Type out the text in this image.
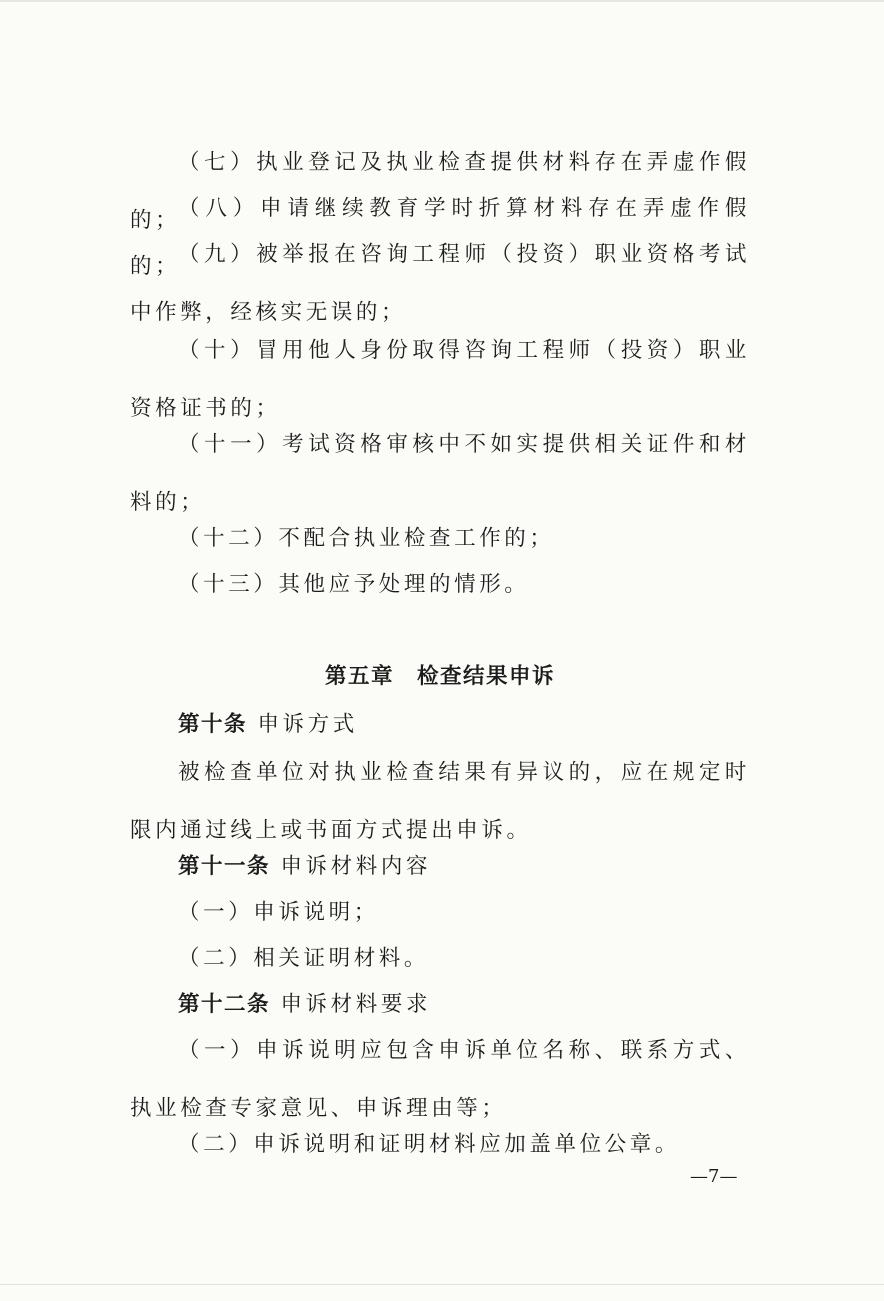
（七）执业登记及执业检查提供材料存在弄虚作假的；

（八）申请继续教育学时折算材料存在弄虚作假的；

（九）被举报在咨询工程师（投资）职业资格考试中作弊，经核实无误的；

（十）冒用他人身份取得咨询工程师（投资）职业资格证书的；

（十一）考试资格审核中不如实提供相关证件和材料的；

（十二）不配合执业检查工作的；

（十三）其他应予处理的情形。

第五章　检查结果申诉

第十条 申诉方式

被检查单位对执业检查结果有异议的，应在规定时限内通过线上或书面方式提出申诉。

第十一条 申诉材料内容

（一）申诉说明；

（二）相关证明材料。

第十二条 申诉材料要求

（一）申诉说明应包含申诉单位名称、联系方式、执业检查专家意见、申诉理由等；

（二）申诉说明和证明材料应加盖单位公章。

—7—
